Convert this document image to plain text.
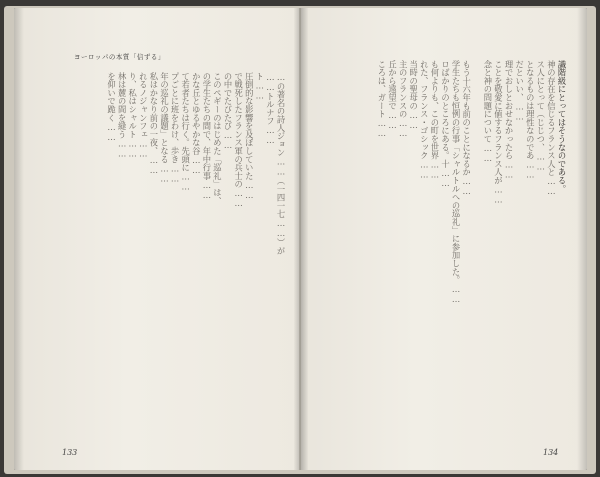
ヨーロッパの本質「信ずる」
…の著名の詩人ジョン……（一四一七……）が
……トルナフ……
ト……
圧倒的な影響を及ぼしていた……
で戦死したフランス軍の兵士の……
の中でたびたび……
このペギーのはじめた「巡礼」は、
の学生たちの間で、年中行事……
かな丘とゆるやかな谷……
て若者たちは行く。先頭に……
プごとに班をわけ、歩き……
年の巡礼の議題」となる……
私はかなり前の一夜、……
れるノジャンフェ……
り、私はシャルト……
林は麓の間を縫う……
を仰いで跪く……
133
識階級にとってはそうなのである。
神の存在を信じるフランス人と……
ス人にとって（じじつ、……
となるものは理性なのであ……
だといい、……
理でおしとおせなかったら……
ことを敬愛に値するフランス人が……
念と神の問題について……
もう十六年も前のことになるか……
学生たちも恒例の行事「シャルトルへの巡礼」に参加した。……
ロばかりのところにある。十……
も何よりも、この町を世界……
れた、フランス・ゴシック……
当時の聖母の……
主のフランスの……
丘から遠望で……
ころは、ガート……
134
